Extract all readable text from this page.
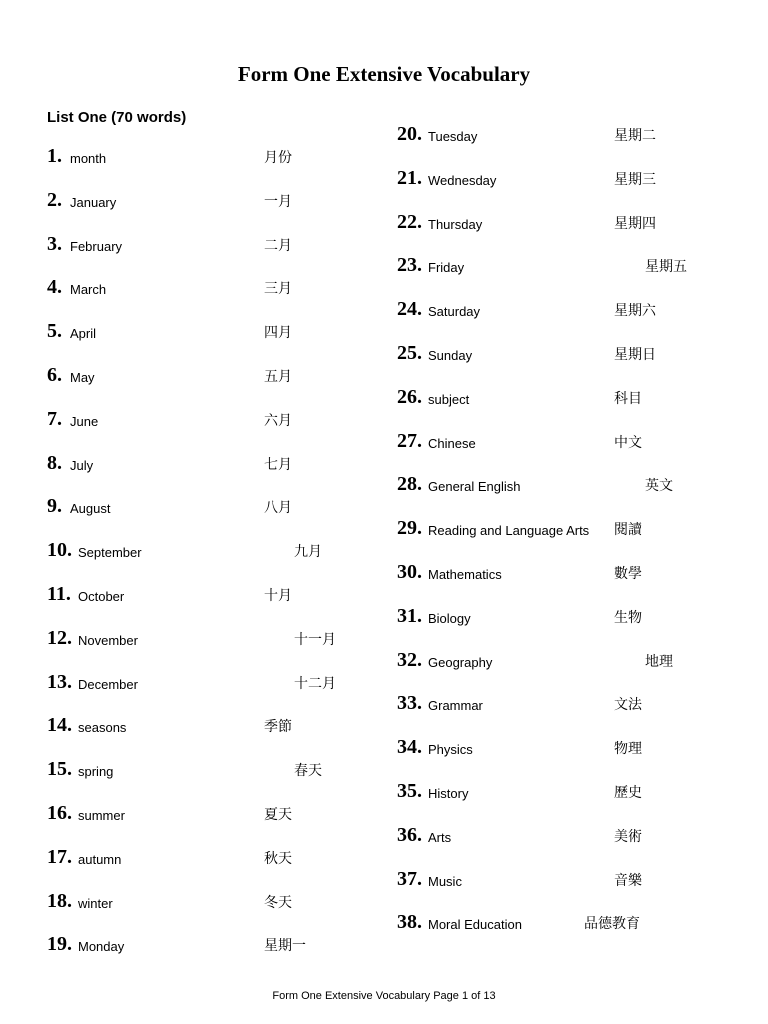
Form One Extensive Vocabulary
List One (70 words)
1. month	月份
2. January	一月
3. February	二月
4. March	三月
5. April	四月
6. May	五月
7. June	六月
8. July	七月
9. August	八月
10. September	九月
11. October	十月
12. November	十一月
13. December	十二月
14. seasons	季節
15. spring	春天
16. summer	夏天
17. autumn	秋天
18. winter	冬天
19. Monday	星期一
20. Tuesday	星期二
21. Wednesday	星期三
22. Thursday	星期四
23. Friday	星期五
24. Saturday	星期六
25. Sunday	星期日
26. subject	科目
27. Chinese	中文
28. General English	英文
29. Reading and Language Arts 閱讀
30. Mathematics	數學
31. Biology	生物
32. Geography	地理
33. Grammar	文法
34. Physics	物理
35. History	歷史
36. Arts	美術
37. Music	音樂
38. Moral Education	品德教育
Form One Extensive Vocabulary Page 1 of 13
